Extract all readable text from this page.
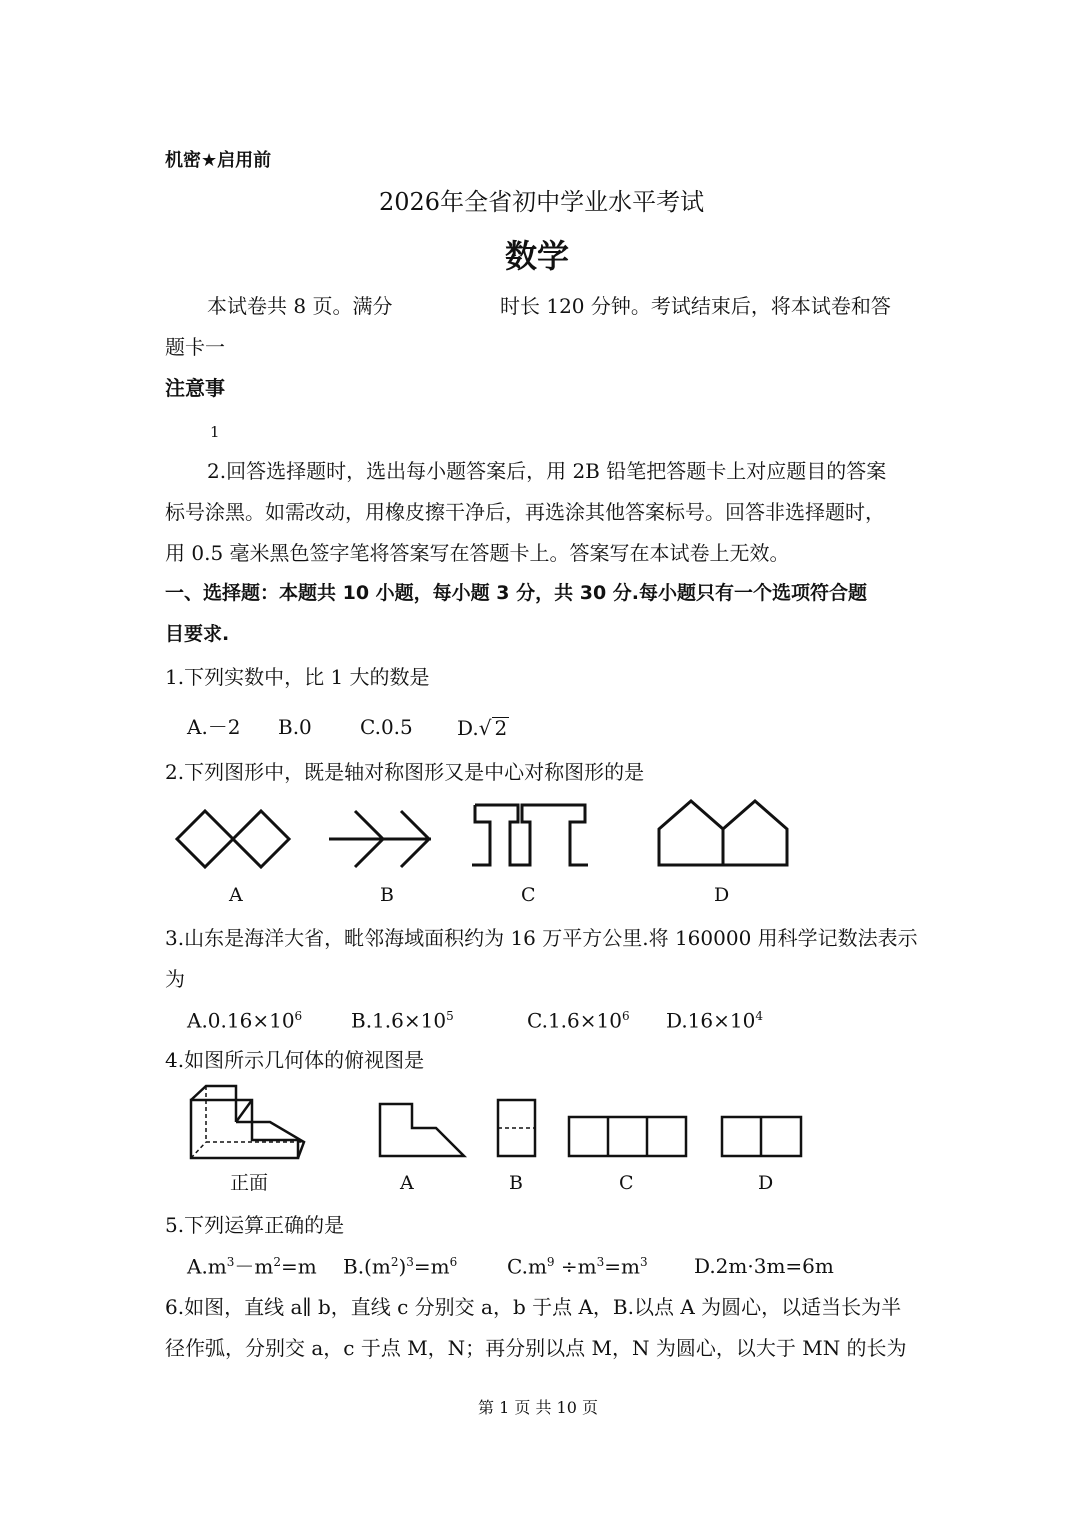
机密★启用前
2026年全省初中学业水平考试
数学
本试卷共 8 页。满分	时长 120 分钟。考试结束后，将本试卷和答
题卡一
注意事
1
2.回答选择题时，选出每小题答案后，用 2B 铅笔把答题卡上对应题目的答案
标号涂黑。如需改动，用橡皮擦干净后，再选涂其他答案标号。回答非选择题时，
用 0.5 毫米黑色签字笔将答案写在答题卡上。答案写在本试卷上无效。
一、选择题：本题共 10 小题，每小题 3 分，共 30 分.每小题只有一个选项符合题
目要求.
1.下列实数中，比 1 大的数是
A.－2 B.0 C.0.5 D.√ 2
2.下列图形中，既是轴对称图形又是中心对称图形的是
A	B	C	D
3.山东是海洋大省，毗邻海域面积约为 16 万平方公里.将 160000 用科学记数法表示
为
$A.0.16\times 10^6$ $B.1.6\times 10^5$	$C.1.6\times 10^6$ $D.16\times 10^4$
4.如图所示几何体的俯视图是
正面	A	B	C	D
5.下列运算正确的是
$A.m^3-m^2=m$ $B.(m^2)^3=m^6$ $C.m^9 \div m^3=m^3$ D.2m·3m=6m
6.如图，直线 a∥ b，直线 c 分别交 a，b 于点 A，B.以点 A 为圆心，以适当长为半
径作弧，分别交 a，c 于点 M，N；再分别以点 M，N 为圆心，以大于 MN 的长为
第 1 页 共 10 页
